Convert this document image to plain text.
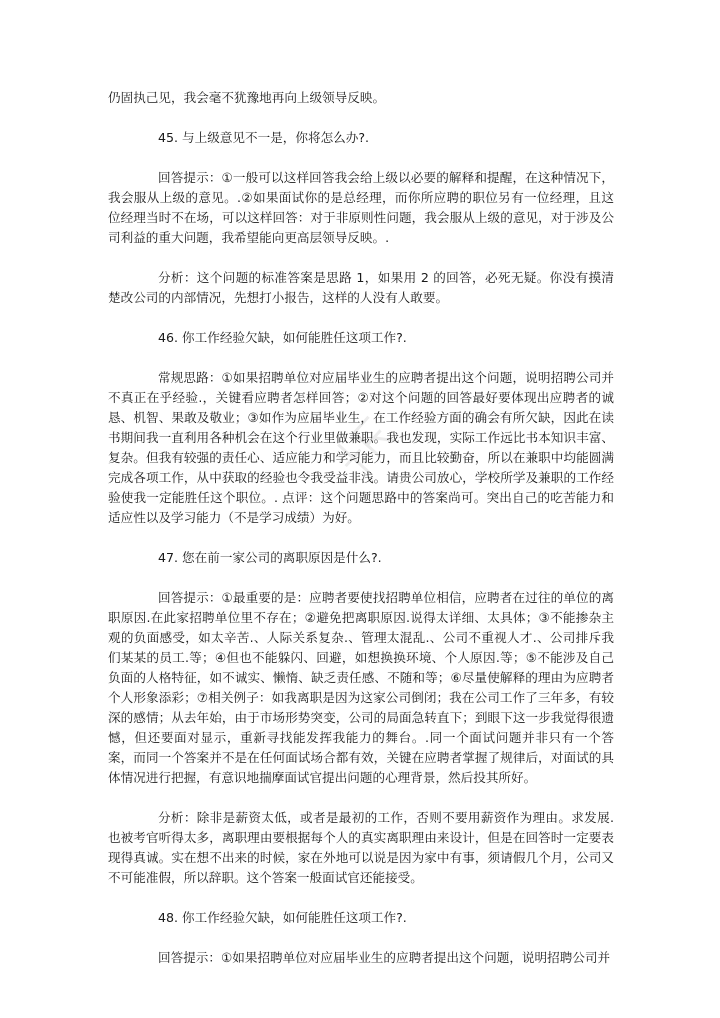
仍固执己见，我会毫不犹豫地再向上级领导反映。

45. 与上级意见不一是，你将怎么办?.

回答提示：①一般可以这样回答我会给上级以必要的解释和提醒，在这种情况下，我会服从上级的意见。.②如果面试你的是总经理，而你所应聘的职位另有一位经理，且这位经理当时不在场，可以这样回答：对于非原则性问题，我会服从上级的意见，对于涉及公司利益的重大问题，我希望能向更高层领导反映。.

分析：这个问题的标准答案是思路 1，如果用 2 的回答，必死无疑。你没有摸清楚改公司的内部情况，先想打小报告，这样的人没有人敢要。

46. 你工作经验欠缺，如何能胜任这项工作?.

常规思路：①如果招聘单位对应届毕业生的应聘者提出这个问题，说明招聘公司并不真正在乎经验.，关键看应聘者怎样回答；②对这个问题的回答最好要体现出应聘者的诚恳、机智、果敢及敬业；③如作为应届毕业生，在工作经验方面的确会有所欠缺，因此在读书期间我一直利用各种机会在这个行业里做兼职。我也发现，实际工作远比书本知识丰富、复杂。但我有较强的责任心、适应能力和学习能力，而且比较勤奋，所以在兼职中均能圆满完成各项工作，从中获取的经验也令我受益非浅。请贵公司放心，学校所学及兼职的工作经验使我一定能胜任这个职位。. 点评：这个问题思路中的答案尚可。突出自己的吃苦能力和适应性以及学习能力（不是学习成绩）为好。

47. 您在前一家公司的离职原因是什么?.

回答提示：①最重要的是：应聘者要使找招聘单位相信，应聘者在过往的单位的离职原因.在此家招聘单位里不存在；②避免把离职原因.说得太详细、太具体；③不能掺杂主观的负面感受，如太辛苦.、人际关系复杂.、管理太混乱.、公司不重视人才.、公司排斥我们某某的员工.等；④但也不能躲闪、回避，如想换换环境、个人原因.等；⑤不能涉及自己负面的人格特征，如不诚实、懒惰、缺乏责任感、不随和等；⑥尽量使解释的理由为应聘者个人形象添彩；⑦相关例子：如我离职是因为这家公司倒闭；我在公司工作了三年多，有较深的感情；从去年始，由于市场形势突变，公司的局面急转直下；到眼下这一步我觉得很遗憾，但还要面对显示，重新寻找能发挥我能力的舞台。.同一个面试问题并非只有一个答案，而同一个答案并不是在任何面试场合都有效，关键在应聘者掌握了规律后，对面试的具体情况进行把握，有意识地揣摩面试官提出问题的心理背景，然后投其所好。

分析：除非是薪资太低，或者是最初的工作，否则不要用薪资作为理由。求发展.也被考官听得太多，离职理由要根据每个人的真实离职理由来设计，但是在回答时一定要表现得真诚。实在想不出来的时候，家在外地可以说是因为家中有事，须请假几个月，公司又不可能准假，所以辞职。这个答案一般面试官还能接受。

48. 你工作经验欠缺，如何能胜任这项工作?.

回答提示：①如果招聘单位对应届毕业生的应聘者提出这个问题，说明招聘公司并
